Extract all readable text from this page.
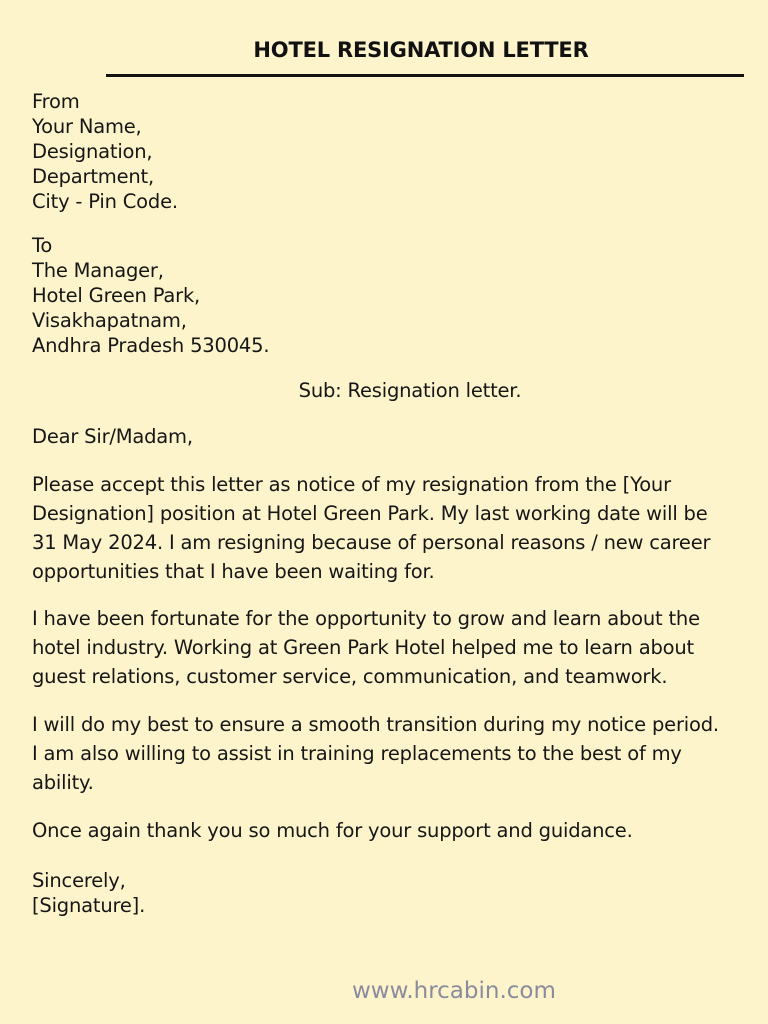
HOTEL RESIGNATION LETTER
From
Your Name,
Designation,
Department,
City - Pin Code.
To
The Manager,
Hotel Green Park,
Visakhapatnam,
Andhra Pradesh 530045.
Sub: Resignation letter.
Dear Sir/Madam,
Please accept this letter as notice of my resignation from the [Your
Designation] position at Hotel Green Park. My last working date will be
31 May 2024. I am resigning because of personal reasons / new career
opportunities that I have been waiting for.
I have been fortunate for the opportunity to grow and learn about the
hotel industry. Working at Green Park Hotel helped me to learn about
guest relations, customer service, communication, and teamwork.
I will do my best to ensure a smooth transition during my notice period.
I am also willing to assist in training replacements to the best of my
ability.
Once again thank you so much for your support and guidance.
Sincerely,
[Signature].
www.hrcabin.com
